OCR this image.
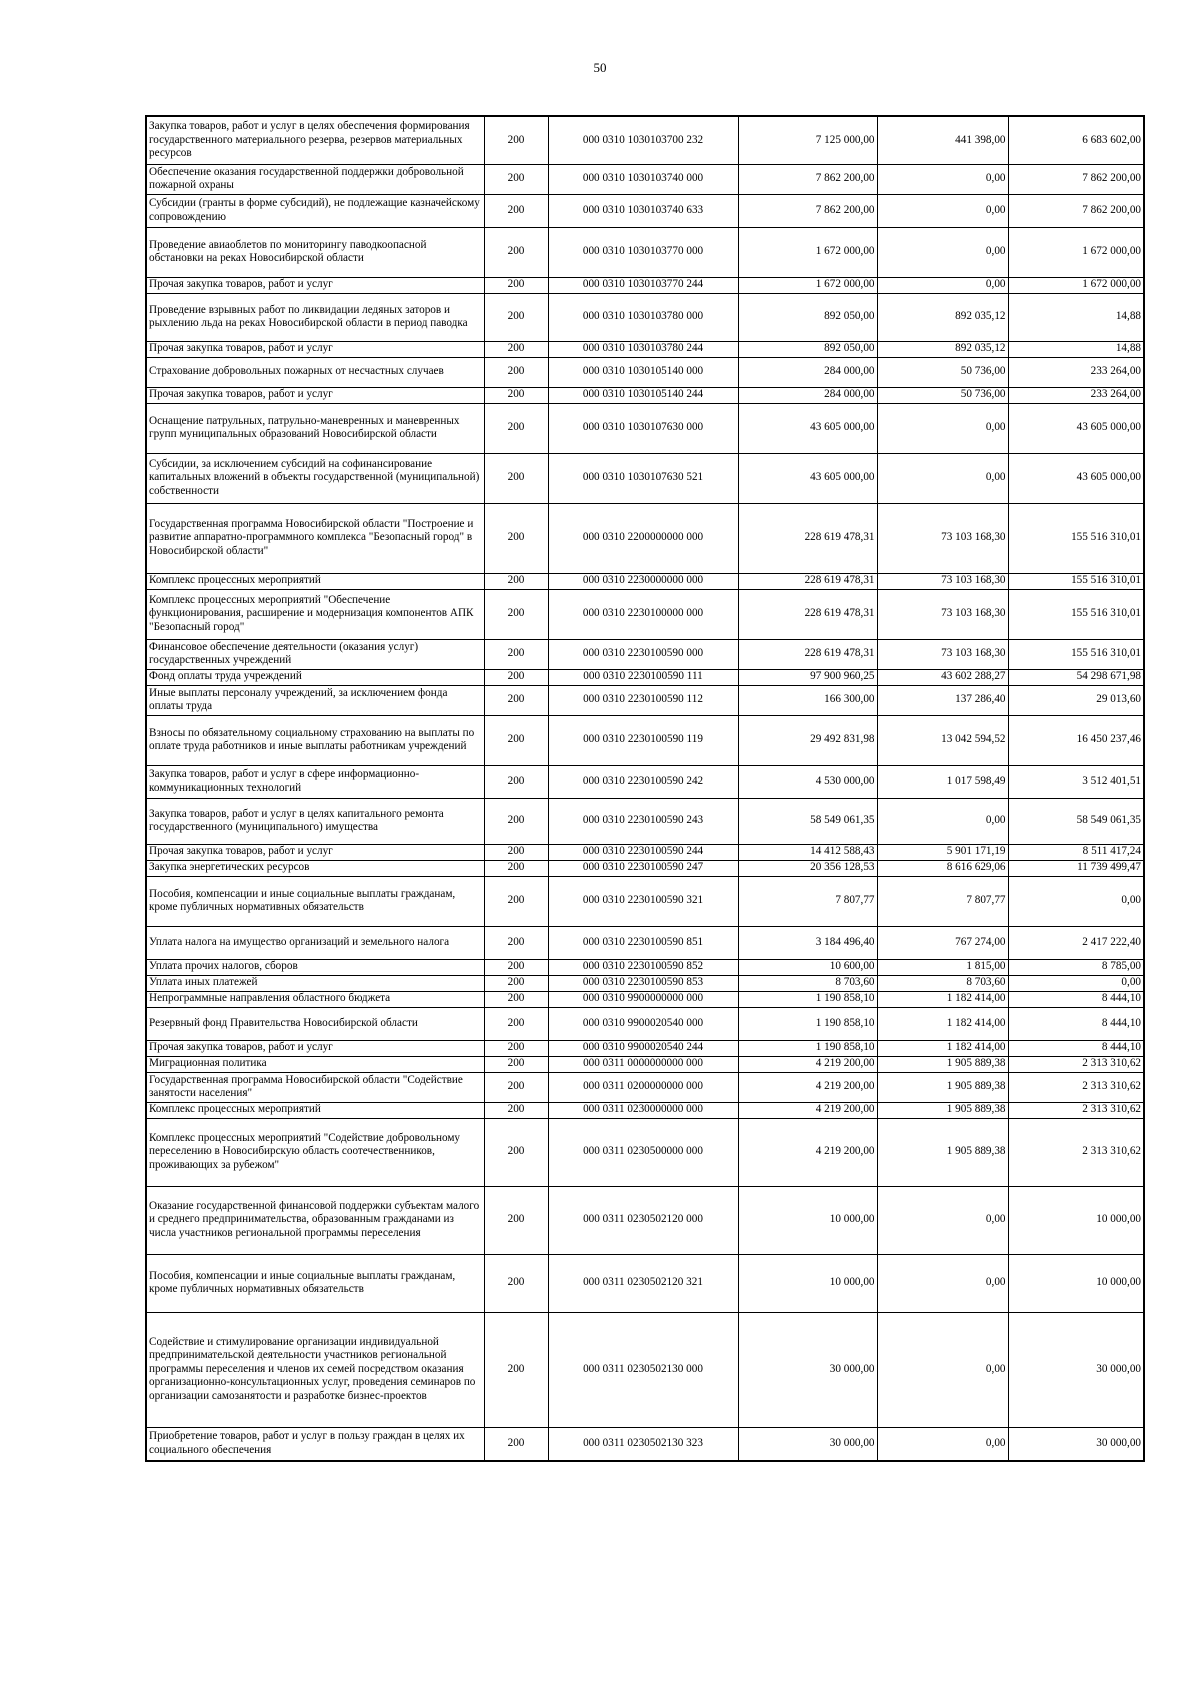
50
Закупка товаров, работ и услуг в целях обеспечения формирования государственного материального резерва, резервов материальных ресурсов	200	000 0310 1030103700 232	7 125 000,00	441 398,00	6 683 602,00
Обеспечение оказания государственной поддержки добровольной пожарной охраны	200	000 0310 1030103740 000	7 862 200,00	0,00	7 862 200,00
Субсидии (гранты в форме субсидий), не подлежащие казначейскому сопровождению	200	000 0310 1030103740 633	7 862 200,00	0,00	7 862 200,00
Проведение авиаоблетов по мониторингу паводкоопасной обстановки на реках Новосибирской области	200	000 0310 1030103770 000	1 672 000,00	0,00	1 672 000,00
Прочая закупка товаров, работ и услуг	200	000 0310 1030103770 244	1 672 000,00	0,00	1 672 000,00
Проведение взрывных работ по ликвидации ледяных заторов и рыхлению льда на реках Новосибирской области в период паводка	200	000 0310 1030103780 000	892 050,00	892 035,12	14,88
Прочая закупка товаров, работ и услуг	200	000 0310 1030103780 244	892 050,00	892 035,12	14,88
Страхование добровольных пожарных от несчастных случаев	200	000 0310 1030105140 000	284 000,00	50 736,00	233 264,00
Прочая закупка товаров, работ и услуг	200	000 0310 1030105140 244	284 000,00	50 736,00	233 264,00
Оснащение патрульных, патрульно-маневренных и маневренных групп муниципальных образований Новосибирской области	200	000 0310 1030107630 000	43 605 000,00	0,00	43 605 000,00
Субсидии, за исключением субсидий на софинансирование капитальных вложений в объекты государственной (муниципальной) собственности	200	000 0310 1030107630 521	43 605 000,00	0,00	43 605 000,00
Государственная программа Новосибирской области "Построение и развитие аппаратно-программного комплекса "Безопасный город" в Новосибирской области"	200	000 0310 2200000000 000	228 619 478,31	73 103 168,30	155 516 310,01
Комплекс процессных мероприятий	200	000 0310 2230000000 000	228 619 478,31	73 103 168,30	155 516 310,01
Комплекс процессных мероприятий "Обеспечение функционирования, расширение и модернизация компонентов АПК "Безопасный город"	200	000 0310 2230100000 000	228 619 478,31	73 103 168,30	155 516 310,01
Финансовое обеспечение деятельности (оказания услуг) государственных учреждений	200	000 0310 2230100590 000	228 619 478,31	73 103 168,30	155 516 310,01
Фонд оплаты труда учреждений	200	000 0310 2230100590 111	97 900 960,25	43 602 288,27	54 298 671,98
Иные выплаты персоналу учреждений, за исключением фонда оплаты труда	200	000 0310 2230100590 112	166 300,00	137 286,40	29 013,60
Взносы по обязательному социальному страхованию на выплаты по оплате труда работников и иные выплаты работникам учреждений	200	000 0310 2230100590 119	29 492 831,98	13 042 594,52	16 450 237,46
Закупка товаров, работ и услуг в сфере информационно-коммуникационных технологий	200	000 0310 2230100590 242	4 530 000,00	1 017 598,49	3 512 401,51
Закупка товаров, работ и услуг в целях капитального ремонта государственного (муниципального) имущества	200	000 0310 2230100590 243	58 549 061,35	0,00	58 549 061,35
Прочая закупка товаров, работ и услуг	200	000 0310 2230100590 244	14 412 588,43	5 901 171,19	8 511 417,24
Закупка энергетических ресурсов	200	000 0310 2230100590 247	20 356 128,53	8 616 629,06	11 739 499,47
Пособия, компенсации и иные социальные выплаты гражданам, кроме публичных нормативных обязательств	200	000 0310 2230100590 321	7 807,77	7 807,77	0,00
Уплата налога на имущество организаций и земельного налога	200	000 0310 2230100590 851	3 184 496,40	767 274,00	2 417 222,40
Уплата прочих налогов, сборов	200	000 0310 2230100590 852	10 600,00	1 815,00	8 785,00
Уплата иных платежей	200	000 0310 2230100590 853	8 703,60	8 703,60	0,00
Непрограммные направления областного бюджета	200	000 0310 9900000000 000	1 190 858,10	1 182 414,00	8 444,10
Резервный фонд Правительства Новосибирской области	200	000 0310 9900020540 000	1 190 858,10	1 182 414,00	8 444,10
Прочая закупка товаров, работ и услуг	200	000 0310 9900020540 244	1 190 858,10	1 182 414,00	8 444,10
Миграционная политика	200	000 0311 0000000000 000	4 219 200,00	1 905 889,38	2 313 310,62
Государственная программа Новосибирской области "Содействие занятости населения"	200	000 0311 0200000000 000	4 219 200,00	1 905 889,38	2 313 310,62
Комплекс процессных мероприятий	200	000 0311 0230000000 000	4 219 200,00	1 905 889,38	2 313 310,62
Комплекс процессных мероприятий "Содействие добровольному переселению в Новосибирскую область соотечественников, проживающих за рубежом"	200	000 0311 0230500000 000	4 219 200,00	1 905 889,38	2 313 310,62
Оказание государственной финансовой поддержки субъектам малого и среднего предпринимательства, образованным гражданами из числа участников региональной программы переселения	200	000 0311 0230502120 000	10 000,00	0,00	10 000,00
Пособия, компенсации и иные социальные выплаты гражданам, кроме публичных нормативных обязательств	200	000 0311 0230502120 321	10 000,00	0,00	10 000,00
Содействие и стимулирование организации индивидуальной предпринимательской деятельности участников региональной программы переселения и членов их семей посредством оказания организационно-консультационных услуг, проведения семинаров по организации самозанятости и разработке бизнес-проектов	200	000 0311 0230502130 000	30 000,00	0,00	30 000,00
Приобретение товаров, работ и услуг в пользу граждан в целях их социального обеспечения	200	000 0311 0230502130 323	30 000,00	0,00	30 000,00
